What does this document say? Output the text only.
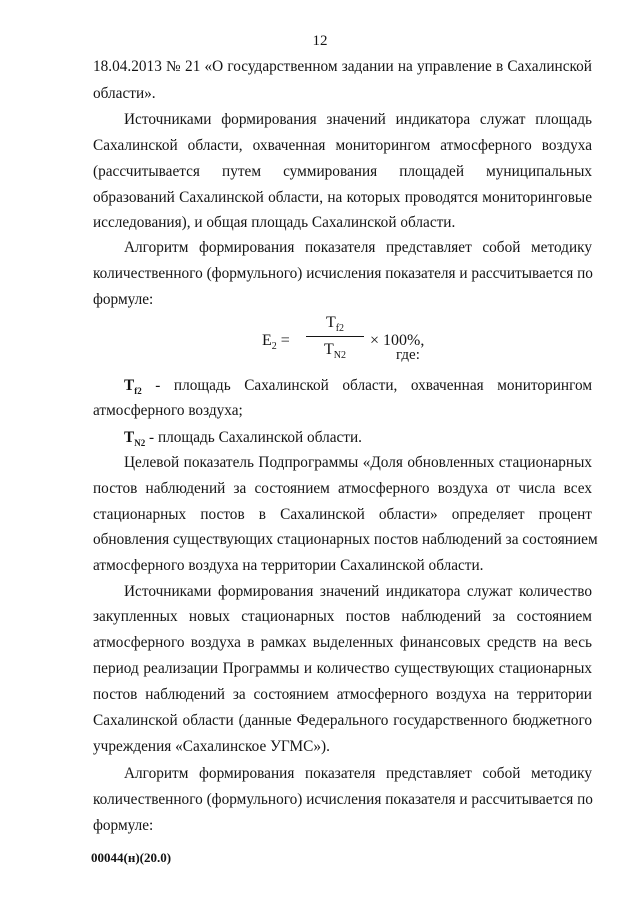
12
18.04.2013 № 21 «О государственном задании на управление в Сахалинской
области».
Источниками формирования значений индикатора служат площадь
Сахалинской области, охваченная мониторингом атмосферного воздуха
(рассчитывается путем суммирования площадей муниципальных
образований Сахалинской области, на которых проводятся мониторинговые
исследования), и общая площадь Сахалинской области.
Алгоритм формирования показателя представляет собой методику
количественного (формульного) исчисления показателя и рассчитывается по
формуле:
$E_2$ =
$T_{f2}$
$T_{N2}$
× 100%,
где:
$T_{f2}$ - площадь Сахалинской области, охваченная мониторингом
атмосферного воздуха;
$T_{N2}$ - площадь Сахалинской области.
Целевой показатель Подпрограммы «Доля обновленных стационарных
постов наблюдений за состоянием атмосферного воздуха от числа всех
стационарных постов в Сахалинской области» определяет процент
обновления существующих стационарных постов наблюдений за состоянием
атмосферного воздуха на территории Сахалинской области.
Источниками формирования значений индикатора служат количество
закупленных новых стационарных постов наблюдений за состоянием
атмосферного воздуха в рамках выделенных финансовых средств на весь
период реализации Программы и количество существующих стационарных
постов наблюдений за состоянием атмосферного воздуха на территории
Сахалинской области (данные Федерального государственного бюджетного
учреждения «Сахалинское УГМС»).
Алгоритм формирования показателя представляет собой методику
количественного (формульного) исчисления показателя и рассчитывается по
формуле:
00044(н)(20.0)
